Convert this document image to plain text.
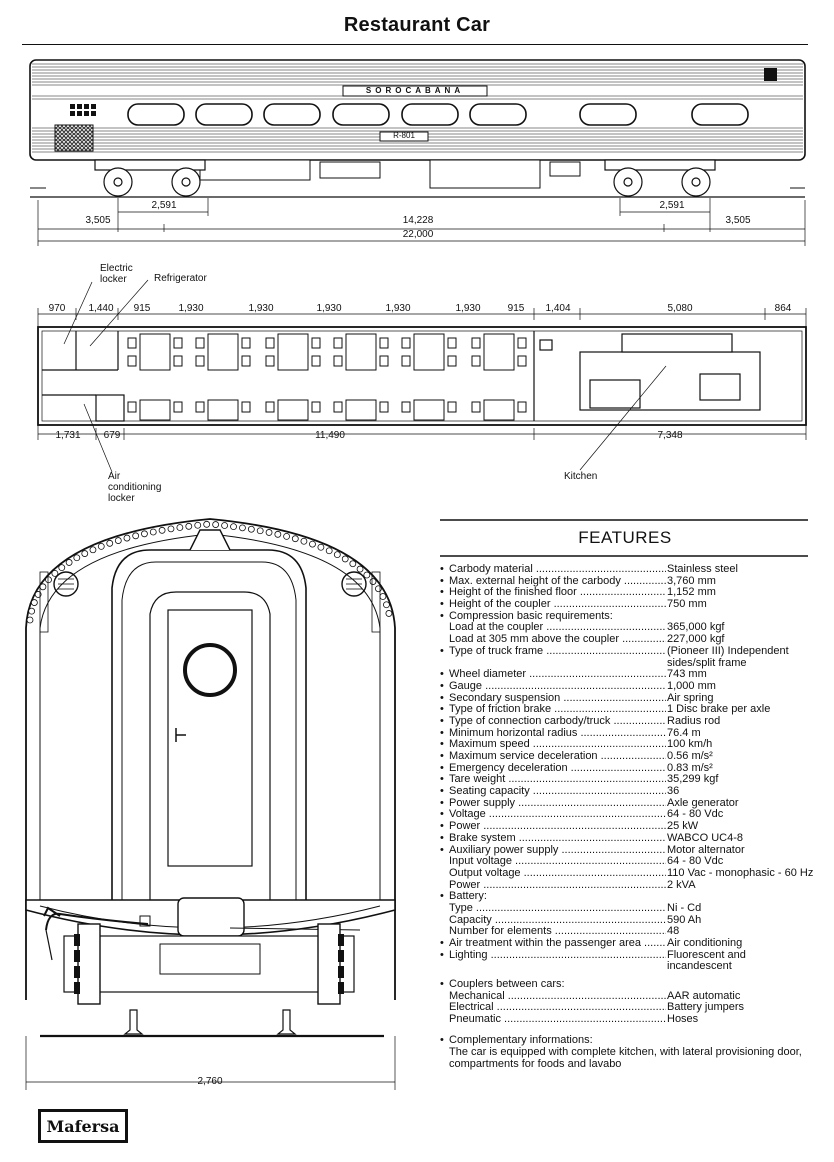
Restaurant Car
SOROCABANA
R-801
2,591	2,591
3,505	14,228	3,505
22,000
Electric
locker	Refrigerator
Air
conditioning
locker
Kitchen
970 1,440 915	1,930	1,930	1,930	1,930	1,930	915 1,404	5,080	864
1,731 679	11,490	7,348
2,760
FEATURES
• Carbody material .....	Stainless steel
• Max. external height of the carbody .....	3,760 mm
• Height of the finished floor .....	1,152 mm
• Height of the coupler .....	750 mm
• Compression basic requirements:
Load at the coupler .....	365,000 kgf
Load at 305 mm above the coupler .....	227,000 kgf
• Type of truck frame .....	(Pioneer III) Independent
sides/split frame
• Wheel diameter .....	743 mm
• Gauge .....	1,000 mm
• Secondary suspension .....	Air spring
• Type of friction brake .....	1 Disc brake per axle
• Type of connection carbody/truck .....	Radius rod
• Minimum horizontal radius .....	76.4 m
• Maximum speed .....	100 km/h
• Maximum service deceleration .....	0.56 m/s²
• Emergency deceleration .....	0.83 m/s²
• Tare weight .....	35,299 kgf
• Seating capacity .....	36
• Power supply .....	Axle generator
• Voltage .....	64 - 80 Vdc
• Power .....	25 kW
• Brake system .....	WABCO UC4-8
• Auxiliary power supply .....	Motor alternator
Input voltage .....	64 - 80 Vdc
Output voltage .....	110 Vac - monophasic - 60 Hz
Power .....	2 kVA
• Battery:
Type .....	Ni - Cd
Capacity .....	590 Ah
Number for elements .....	48
• Air treatment within the passenger area .....	Air conditioning
• Lighting .....	Fluorescent and
incandescent
• Couplers between cars:
Mechanical .....	AAR automatic
Electrical .....	Battery jumpers
Pneumatic .....	Hoses
• Complementary informations:
The car is equipped with complete kitchen, with lateral provisioning door, compartments for foods and lavabo
Mafersa
